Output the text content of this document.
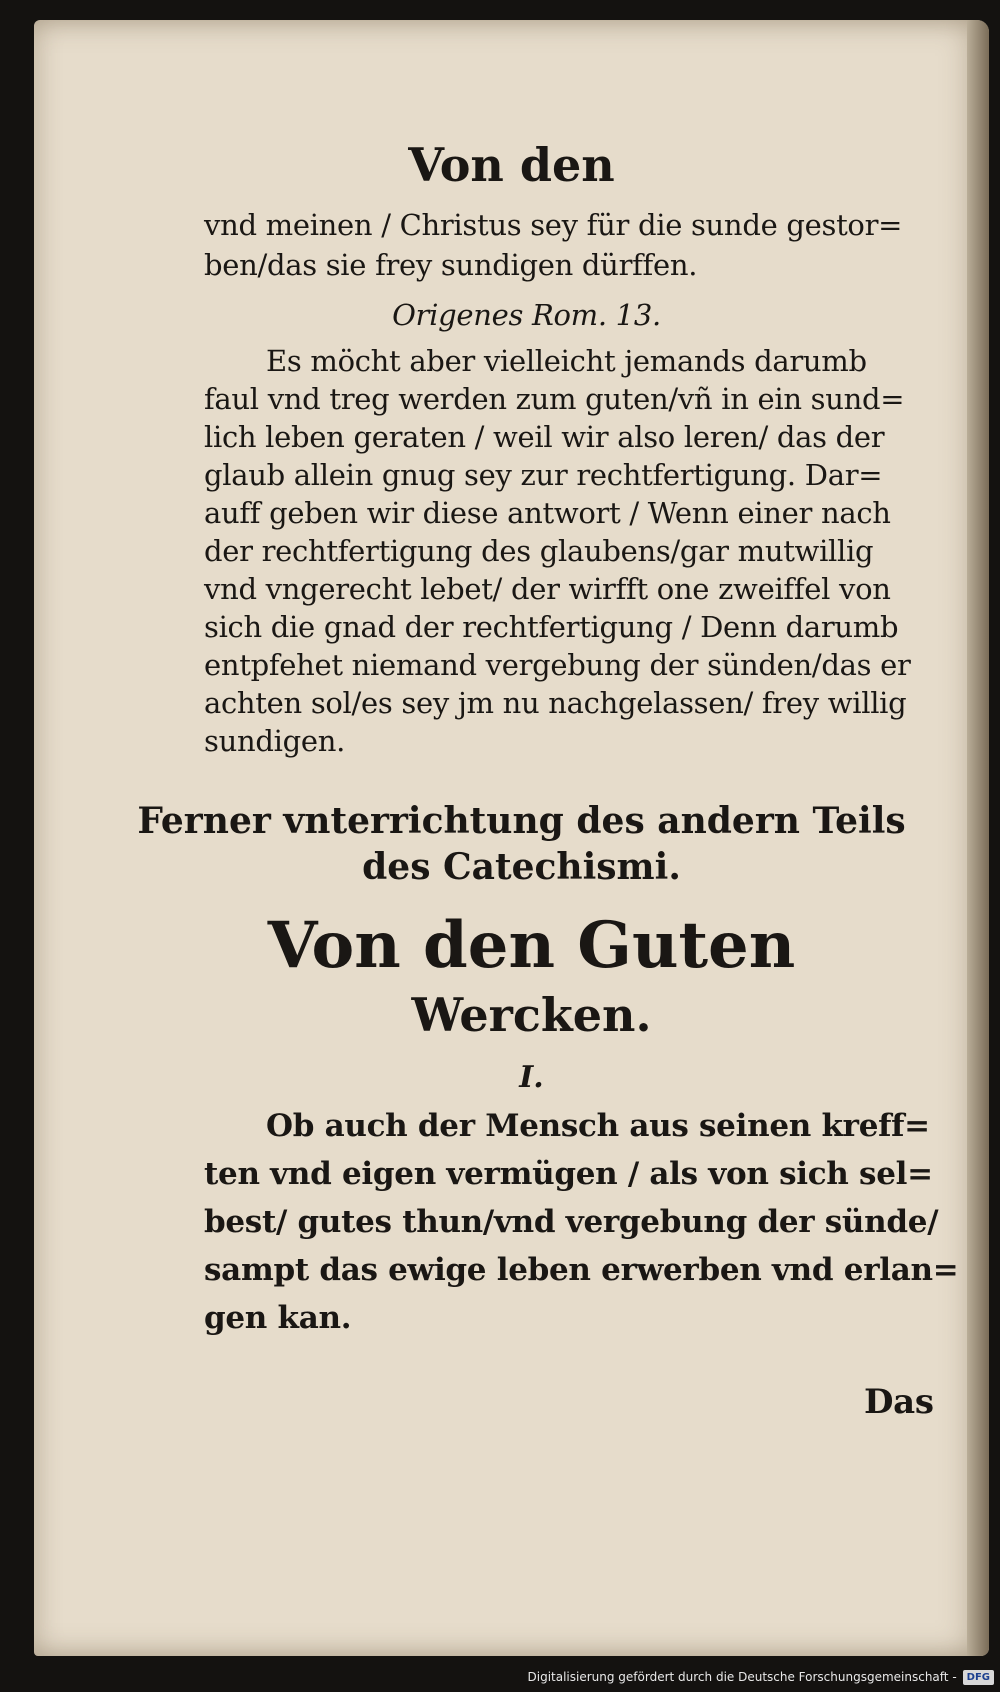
Von den
vnd meinen / Christus sey für die sunde gestor=
ben/das sie frey sundigen dürffen.
Origenes Rom. 13.
Es möcht aber vielleicht jemands darumb
faul vnd treg werden zum guten/vñ in ein sund=
lich leben geraten / weil wir also leren/ das der
glaub allein gnug sey zur rechtfertigung. Dar=
auff geben wir diese antwort / Wenn einer nach
der rechtfertigung des glaubens/gar mutwillig
vnd vngerecht lebet/ der wirfft one zweiffel von
sich die gnad der rechtfertigung / Denn darumb
entpfehet niemand vergebung der sünden/das er
achten sol/es sey jm nu nachgelassen/ frey willig
sundigen.
Ferner vnterrichtung des andern Teils
des Catechismi.
Von den Guten
Wercken.
I.
Ob auch der Mensch aus seinen kreff=
ten vnd eigen vermügen / als von sich sel=
best/ gutes thun/vnd vergebung der sünde/
sampt das ewige leben erwerben vnd erlan=
gen kan.
Das
Digitalisierung gefördert durch die Deutsche Forschungsgemeinschaft -	DFG
